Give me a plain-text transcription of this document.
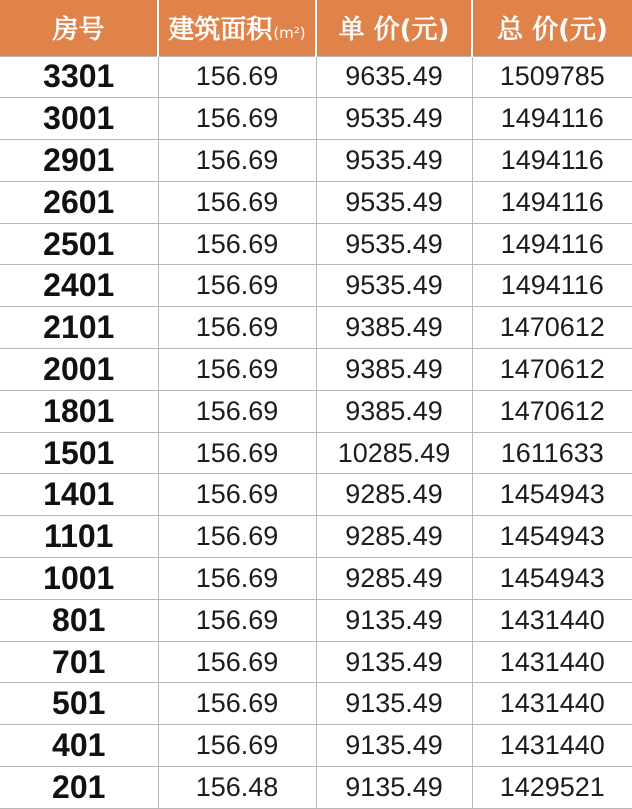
房号	建筑面积(m²)	单 价(元)	总 价(元)
3301	156.69	9635.49	1509785
3001	156.69	9535.49	1494116
2901	156.69	9535.49	1494116
2601	156.69	9535.49	1494116
2501	156.69	9535.49	1494116
2401	156.69	9535.49	1494116
2101	156.69	9385.49	1470612
2001	156.69	9385.49	1470612
1801	156.69	9385.49	1470612
1501	156.69	10285.49	1611633
1401	156.69	9285.49	1454943
1101	156.69	9285.49	1454943
1001	156.69	9285.49	1454943
801	156.69	9135.49	1431440
701	156.69	9135.49	1431440
501	156.69	9135.49	1431440
401	156.69	9135.49	1431440
201	156.48	9135.49	1429521
